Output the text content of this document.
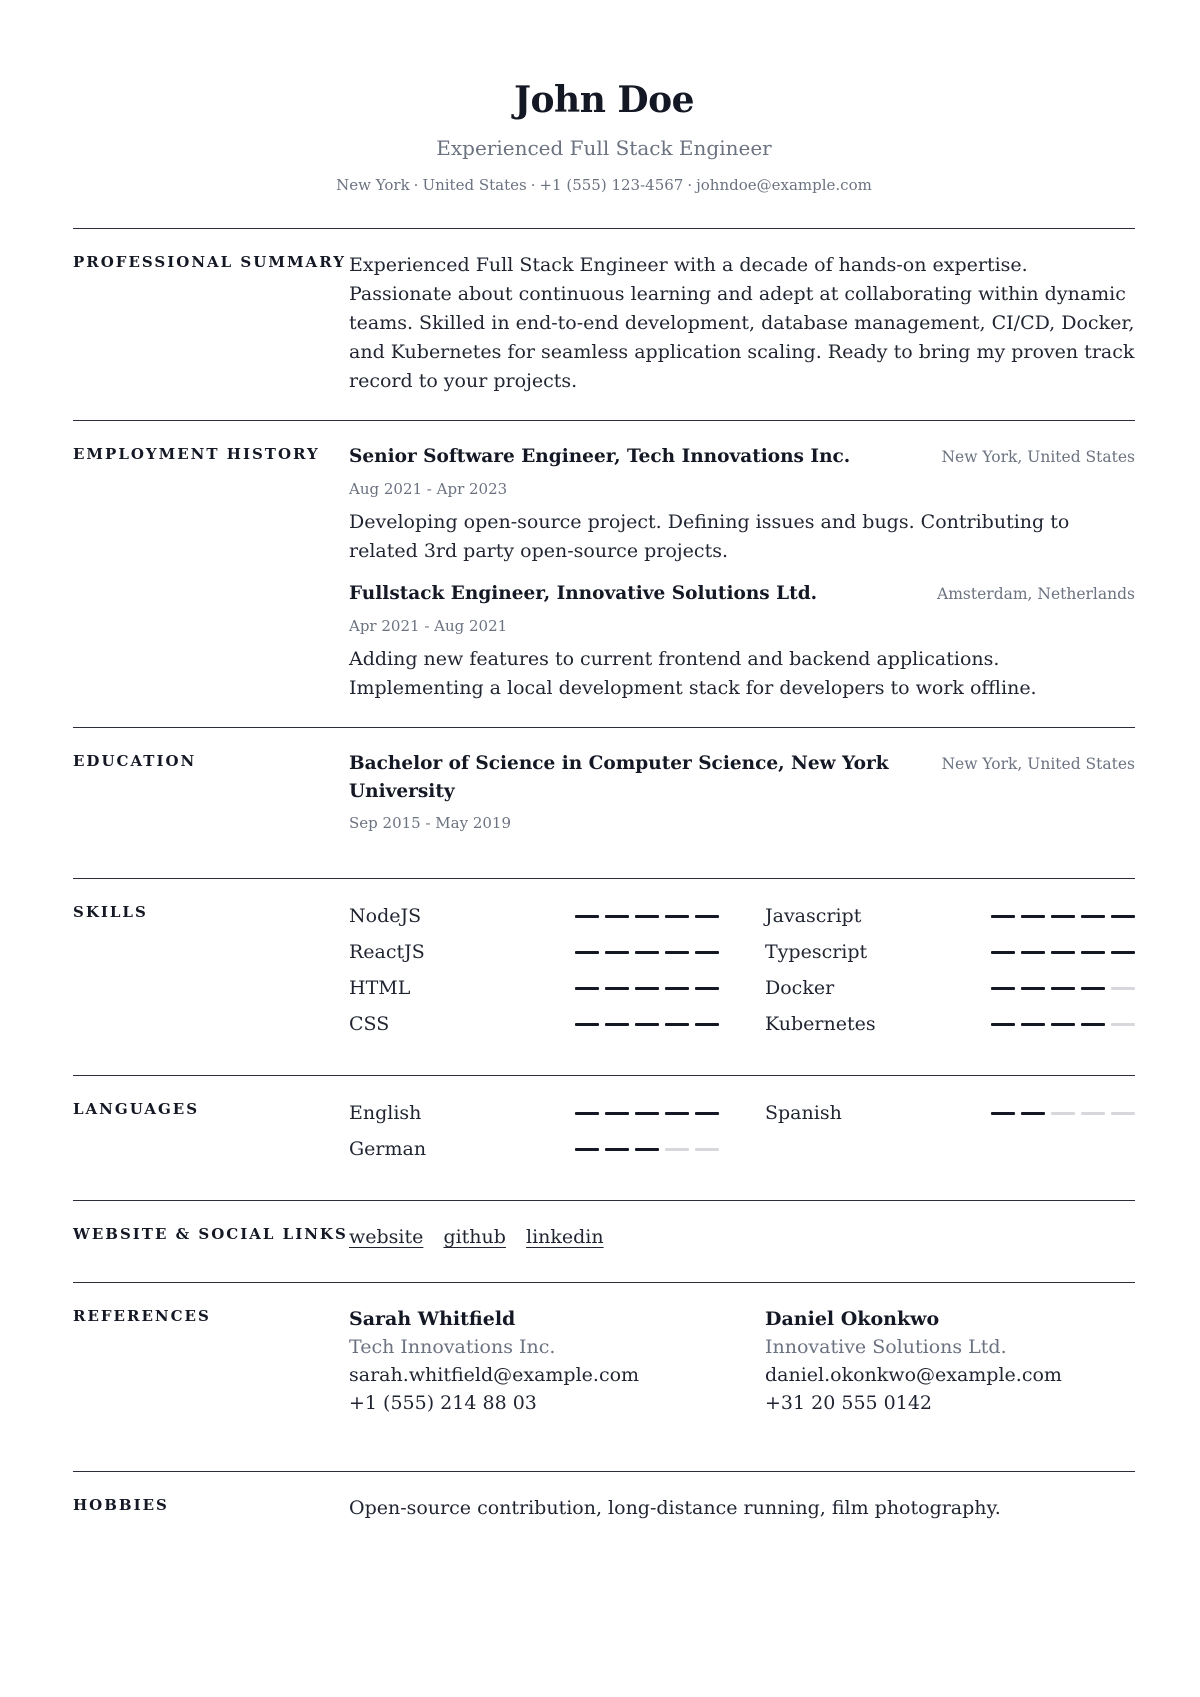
John Doe
Experienced Full Stack Engineer
New York · United States · +1 (555) 123-4567 · johndoe@example.com
PROFESSIONAL SUMMARY Experienced Full Stack Engineer with a decade of hands-on expertise. Passionate about continuous learning and adept at collaborating within dynamic teams. Skilled in end-to-end development, database management, CI/CD, Docker, and Kubernetes for seamless application scaling. Ready to bring my proven track record to your projects.

EMPLOYMENT HISTORY	Senior Software Engineer, Tech Innovations Inc.	New York, United States
Aug 2021 - Apr 2023
Developing open-source project. Defining issues and bugs. Contributing to related 3rd party open-source projects.
Fullstack Engineer, Innovative Solutions Ltd.	Amsterdam, Netherlands
Apr 2021 - Aug 2021
Adding new features to current frontend and backend applications. Implementing a local development stack for developers to work offline.
EDUCATION	Bachelor of Science in Computer Science, New York University
New York, United States
Sep 2015 - May 2019
SKILLS	NodeJS	Javascript
ReactJS	Typescript
HTML	Docker
CSS	Kubernetes
LANGUAGES	English	Spanish
German
WEBSITE & SOCIAL LINKS website github linkedin
REFERENCES	Sarah Whitfield
Tech Innovations Inc.
sarah.whitfield@example.com
+1 (555) 214 88 03
Daniel Okonkwo
Innovative Solutions Ltd.
daniel.okonkwo@example.com
+31 20 555 0142
HOBBIES	Open-source contribution, long-distance running, film photography.
